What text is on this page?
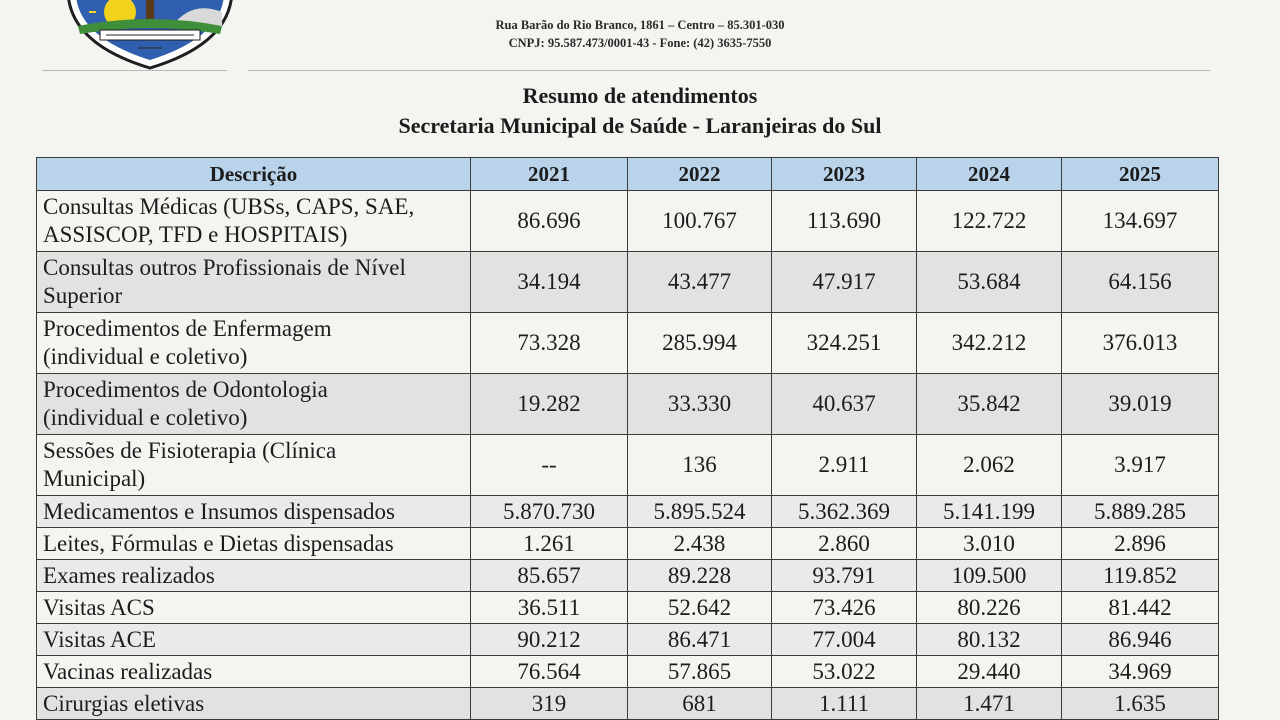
Rua Barão do Rio Branco, 1861 – Centro – 85.301-030
CNPJ: 95.587.473/0001-43 - Fone: (42) 3635-7550
Resumo de atendimentos
Secretaria Municipal de Saúde - Laranjeiras do Sul
Descrição	2021	2022	2023	2024	2025

Consultas Médicas (UBSs, CAPS, SAE,
ASSISCOP, TFD e HOSPITAIS)	86.696	100.767	113.690	122.722	134.697

Consultas outros Profissionais de Nível
Superior	34.194	43.477	47.917	53.684	64.156

Procedimentos de Enfermagem
(individual e coletivo)	73.328	285.994	324.251	342.212	376.013

Procedimentos de Odontologia
(individual e coletivo)	19.282	33.330	40.637	35.842	39.019

Sessões de Fisioterapia (Clínica
Municipal)	--	136	2.911	2.062	3.917
Medicamentos e Insumos dispensados	5.870.730	5.895.524	5.362.369	5.141.199	5.889.285
Leites, Fórmulas e Dietas dispensadas	1.261	2.438	2.860	3.010	2.896
Exames realizados	85.657	89.228	93.791	109.500	119.852
Visitas ACS	36.511	52.642	73.426	80.226	81.442
Visitas ACE	90.212	86.471	77.004	80.132	86.946
Vacinas realizadas	76.564	57.865	53.022	29.440	34.969
Cirurgias eletivas	319	681	1.111	1.471	1.635
